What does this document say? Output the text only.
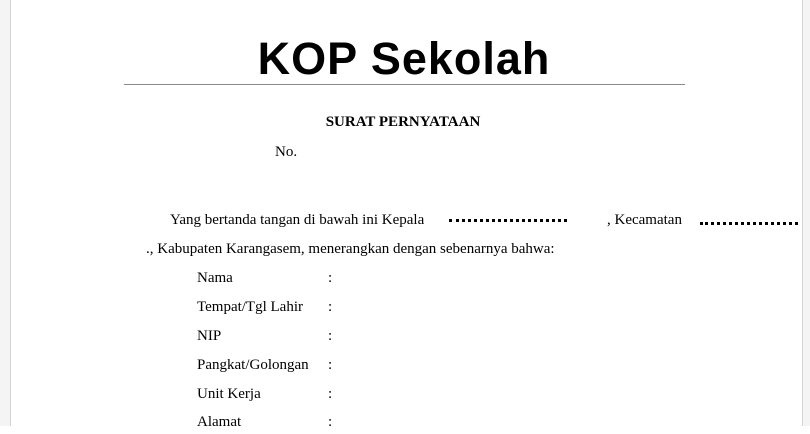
KOP Sekolah
SURAT PERNYATAAN
No.
Yang bertanda tangan di bawah ini Kepala	, Kecamatan
., Kabupaten Karangasem, menerangkan dengan sebenarnya bahwa:
Nama	:
Tempat/Tgl Lahir :
NIP	:
Pangkat/Golongan :
Unit Kerja	:
Alamat	:
